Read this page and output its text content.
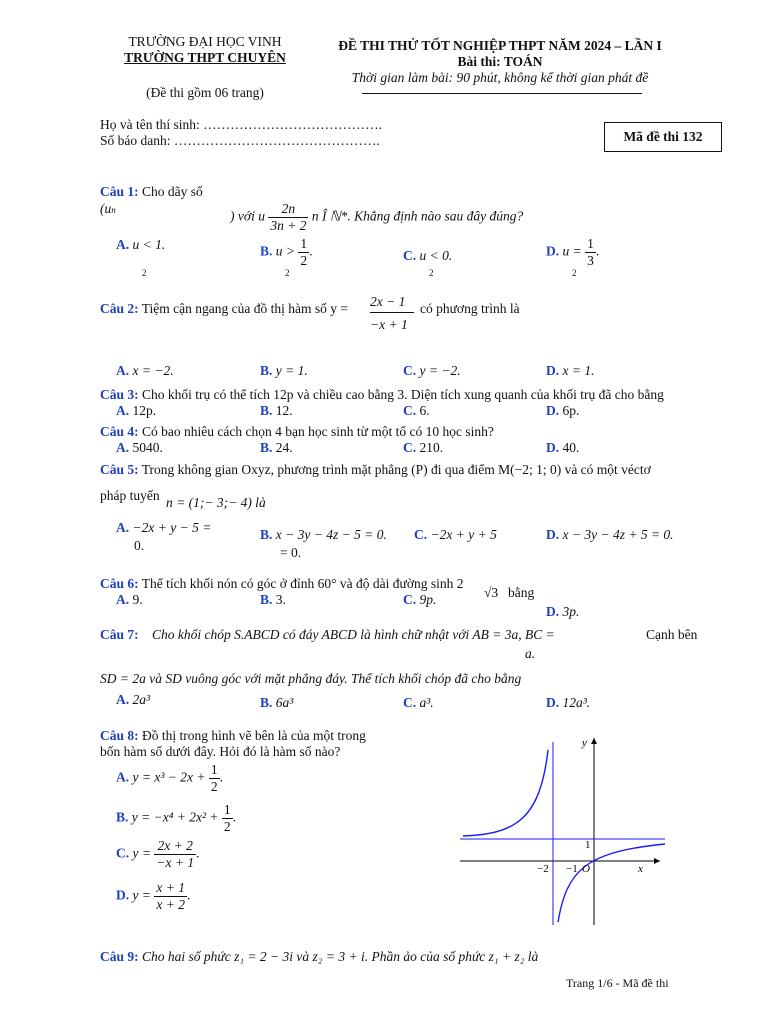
TRƯỜNG ĐẠI HỌC VINH
TRƯỜNG THPT CHUYÊN
(Đề thi gồm 06 trang)
ĐỀ THI THỬ TỐT NGHIỆP THPT NĂM 2024 – LẦN I
Bài thi: TOÁN
Thời gian làm bài: 90 phút, không kể thời gian phát đề
Họ và tên thí sinh: ………………………………….
Số báo danh: ……………………………………….	Mã đề thi 132
Câu 1: Cho dãy số
(un	) với u $\frac{2n}{3n + 2}$ n Î ℕ*. Khẳng định nào sau đây đúng?
A. u < 1.
2
B. $u > \frac{1}{2}$ .
2
C. u < 0.
2
D. $u = \frac{1}{3}$ .
2
Câu 2: Tiệm cận ngang của đồ thị hàm số $y = \frac{2x - 1}{-x + 1}$ có phương trình là
A. x = −2.	B. y = 1.	C. y = −2.	D. x = 1.
Câu 3: Cho khối trụ có thể tích 12p và chiều cao bằng 3. Diện tích xung quanh của khối trụ đã cho bằng
A. 12p.	B. 12.	C. 6.	D. 6p.
Câu 4: Có bao nhiêu cách chọn 4 bạn học sinh từ một tổ có 10 học sinh?
A. 5040.	B. 24.	C. 210.	D. 40.
Câu 5: Trong không gian Oxyz, phương trình mặt phẳng (P) đi qua điểm M(−2; 1; 0) và có một véctơ
pháp tuyến n = (1;− 3;− 4) là
A. −2x + y − 5 =
0.
B. x − 3y − 4z − 5 = 0. C. −2x + y + 5
= 0.
D. x − 3y − 4z + 5 = 0.
Câu 6: Thể tích khối nón có góc ở đỉnh 60° và độ dài đường sinh 2
√3 bằng
A. 9.	B. 3.	C. 9p.
D. 3p.
Câu 7: Cho khối chóp S.ABCD có đáy ABCD là hình chữ nhật với AB = 3a, BC =
a.
Cạnh bên
SD = 2a và SD vuông góc với mặt phẳng đáy. Thể tích khối chóp đã cho bằng
A. 2a³	B. 6a³	C. a³.	D. 12a³.
Câu 8: Đồ thị trong hình vẽ bên là của một trong
bốn hàm số dưới đây. Hỏi đó là hàm số nào?
A. $y = x^3 - 2x + \frac{1}{2}$ .
B. $y = -x^4 + 2x^2 + \frac{1}{2}$ .
C. $y = \frac{2x + 2}{-x + 1}$ .
D. $y = \frac{x + 1}{x + 2}$ .
y
x
O
−2 −1
1
Câu 9: Cho hai số phức z₁ = 2 − 3i và z₂ = 3 + i. Phần ảo của số phức z₁ + z₂ là
Trang 1/6 - Mã đề thi
